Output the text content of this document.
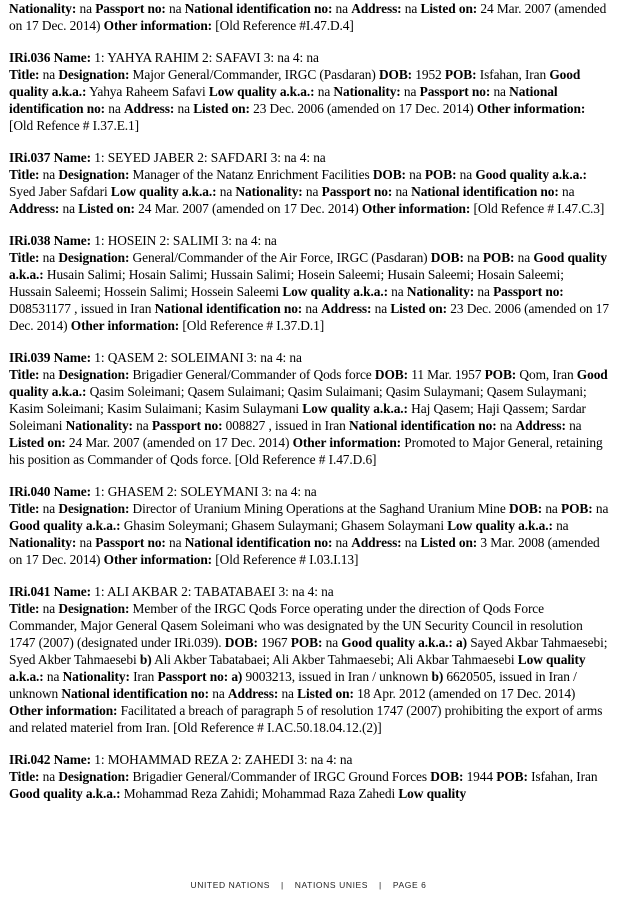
Nationality: na Passport no: na National identification no: na Address: na Listed on: 24 Mar. 2007 (amended on 17 Dec. 2014) Other information: [Old Reference #I.47.D.4]

IRi.036 Name: 1: YAHYA RAHIM 2: SAFAVI 3: na 4: na
Title: na Designation: Major General/Commander, IRGC (Pasdaran) DOB: 1952 POB: Isfahan, Iran Good quality a.k.a.: Yahya Raheem Safavi Low quality a.k.a.: na Nationality: na Passport no: na National identification no: na Address: na Listed on: 23 Dec. 2006 (amended on 17 Dec. 2014) Other information: [Old Refence # I.37.E.1]

IRi.037 Name: 1: SEYED JABER 2: SAFDARI 3: na 4: na
Title: na Designation: Manager of the Natanz Enrichment Facilities DOB: na POB: na Good quality a.k.a.: Syed Jaber Safdari Low quality a.k.a.: na Nationality: na Passport no: na National identification no: na Address: na Listed on: 24 Mar. 2007 (amended on 17 Dec. 2014) Other information: [Old Refence # I.47.C.3]

IRi.038 Name: 1: HOSEIN 2: SALIMI 3: na 4: na
Title: na Designation: General/Commander of the Air Force, IRGC (Pasdaran) DOB: na POB: na Good quality a.k.a.: Husain Salimi; Hosain Salimi; Hussain Salimi; Hosein Saleemi; Husain Saleemi; Hosain Saleemi; Hussain Saleemi; Hossein Salimi; Hossein Saleemi Low quality a.k.a.: na Nationality: na Passport no: D08531177 , issued in Iran National identification no: na Address: na Listed on: 23 Dec. 2006 (amended on 17 Dec. 2014) Other information: [Old Reference # I.37.D.1]

IRi.039 Name: 1: QASEM 2: SOLEIMANI 3: na 4: na
Title: na Designation: Brigadier General/Commander of Qods force DOB: 11 Mar. 1957 POB: Qom, Iran Good quality a.k.a.: Qasim Soleimani; Qasem Sulaimani; Qasim Sulaimani; Qasim Sulaymani; Qasem Sulaymani; Kasim Soleimani; Kasim Sulaimani; Kasim Sulaymani Low quality a.k.a.: Haj Qasem; Haji Qassem; Sardar Soleimani Nationality: na Passport no: 008827 , issued in Iran National identification no: na Address: na Listed on: 24 Mar. 2007 (amended on 17 Dec. 2014) Other information: Promoted to Major General, retaining his position as Commander of Qods force. [Old Reference # I.47.D.6]

IRi.040 Name: 1: GHASEM 2: SOLEYMANI 3: na 4: na
Title: na Designation: Director of Uranium Mining Operations at the Saghand Uranium Mine DOB: na POB: na Good quality a.k.a.: Ghasim Soleymani; Ghasem Sulaymani; Ghasem Solaymani Low quality a.k.a.: na Nationality: na Passport no: na National identification no: na Address: na Listed on: 3 Mar. 2008 (amended on 17 Dec. 2014) Other information: [Old Reference # I.03.I.13]

IRi.041 Name: 1: ALI AKBAR 2: TABATABAEI 3: na 4: na
Title: na Designation: Member of the IRGC Qods Force operating under the direction of Qods Force Commander, Major General Qasem Soleimani who was designated by the UN Security Council in resolution 1747 (2007) (designated under IRi.039). DOB: 1967 POB: na Good quality a.k.a.: a) Sayed Akbar Tahmaesebi; Syed Akber Tahmaesebi b) Ali Akber Tabatabaei; Ali Akber Tahmaesebi; Ali Akbar Tahmaesebi Low quality a.k.a.: na Nationality: Iran Passport no: a) 9003213, issued in Iran / unknown b) 6620505, issued in Iran / unknown National identification no: na Address: na Listed on: 18 Apr. 2012 (amended on 17 Dec. 2014) Other information: Facilitated a breach of paragraph 5 of resolution 1747 (2007) prohibiting the export of arms and related materiel from Iran. [Old Reference # I.AC.50.18.04.12.(2)]

IRi.042 Name: 1: MOHAMMAD REZA 2: ZAHEDI 3: na 4: na
Title: na Designation: Brigadier General/Commander of IRGC Ground Forces DOB: 1944 POB: Isfahan, Iran Good quality a.k.a.: Mohammad Reza Zahidi; Mohammad Raza Zahedi Low quality

UNITED NATIONS | NATIONS UNIES | PAGE 6
